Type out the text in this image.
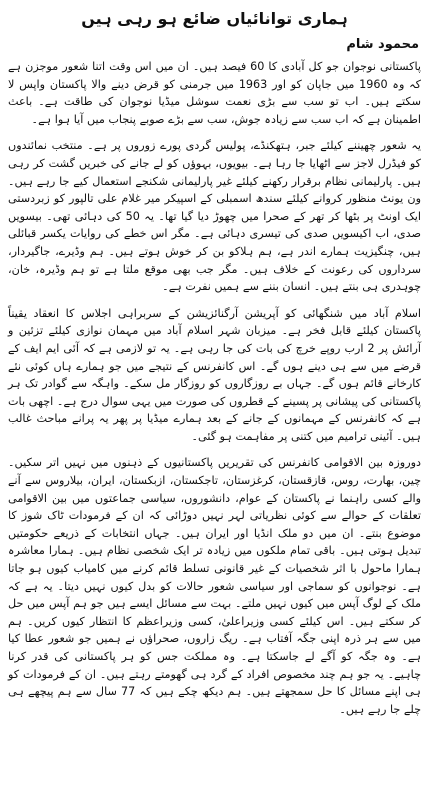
ہماری توانائیاں ضائع ہو رہی ہیں
محمود شام

پاکستانی نوجوان جو کل آبادی کا 60 فیصد ہیں۔ ان میں اس وقت اتنا شعور موجزن ہے کہ وہ 1960 میں جاپان کو اور 1963 میں جرمنی کو قرض دینے والا پاکستان واپس لا سکتے ہیں۔ اب تو سب سے بڑی نعمت سوشل میڈیا نوجوان کی طاقت ہے۔ باعث اطمینان ہے کہ اب سب سے زیادہ جوش، سب سے بڑے صوبے پنجاب میں آیا ہوا ہے۔

یہ شعور چھیننے کیلئے جبر، ہتھکنڈے، پولیس گردی پورے زوروں پر ہے۔ منتخب نمائندوں کو فیڈرل لاجز سے اٹھایا جا رہا ہے۔ بیویوں، بہوؤں کو لے جانے کی خبریں گشت کر رہی ہیں۔ پارلیمانی نظام برقرار رکھنے کیلئے غیر پارلیمانی شکنجے استعمال کیے جا رہے ہیں۔ ون یونٹ منظور کروانے کیلئے سندھ اسمبلی کے اسپیکر میر غلام علی تالپور کو زبردستی ایک اونٹ پر بٹھا کر تھر کے صحرا میں چھوڑ دیا گیا تھا۔ یہ 50 کی دہائی تھی۔ بیسویں صدی، اب اکیسویں صدی کی تیسری دہائی ہے۔ مگر اس خطے کی روایات یکسر قبائلی ہیں، چنگیزیت ہمارے اندر ہے، ہم ہلاکو بن کر خوش ہوتے ہیں۔ ہم وڈیرے، جاگیردار، سرداروں کی رعونت کے خلاف ہیں۔ مگر جب بھی موقع ملتا ہے تو ہم وڈیرہ، خان، چوہدری ہی بنتے ہیں۔ انسان بننے سے ہمیں نفرت ہے۔

اسلام آباد میں شنگھائی کو آپریشن آرگنائزیشن کے سربراہی اجلاس کا انعقاد یقیناً پاکستان کیلئے قابل فخر ہے۔ میزبان شہر اسلام آباد میں مہمان نوازی کیلئے تزئین و آرائش پر 2 ارب روپے خرچ کی بات کی جا رہی ہے۔ یہ تو لازمی ہے کہ آئی ایم ایف کے قرضے میں سے ہی دینے ہوں گے۔ اس کانفرنس کے نتیجے میں جو ہمارے ہاں کوئی نئے کارخانے قائم ہوں گے۔ جہاں بے روزگاروں کو روزگار مل سکے۔ واہگہ سے گوادر تک ہر پاکستانی کی پیشانی پر پسینے کے قطروں کی صورت میں یہی سوال درج ہے۔ اچھی بات ہے کہ کانفرنس کے مہمانوں کے جانے کے بعد ہمارے میڈیا پر پھر یہ پرانے مباحث غالب ہیں۔ آئینی ترامیم میں کتنی پر مفاہمت ہو گئی۔

دوروزہ بین الاقوامی کانفرنس کی تقریریں پاکستانیوں کے ذہنوں میں نہیں اتر سکیں۔ چین، بھارت، روس، قازقستان، کرغزستان، تاجکستان، ازبکستان، ایران، بیلاروس سے آنے والے کسی راہنما نے پاکستان کے عوام، دانشوروں، سیاسی جماعتوں میں بین الاقوامی تعلقات کے حوالے سے کوئی نظریاتی لہر نہیں دوڑائی کہ ان کے فرمودات ٹاک شوز کا موضوع بنتے۔ ان میں دو ملک انڈیا اور ایران ہیں۔ جہاں انتخابات کے ذریعے حکومتیں تبدیل ہوتی ہیں۔ باقی تمام ملکوں میں زیادہ تر ایک شخصی نظام ہیں۔ ہمارا معاشرہ ہمارا ماحول با اثر شخصیات کے غیر قانونی تسلط قائم کرنے میں کامیاب کیوں ہو جاتا ہے۔ نوجوانوں کو سماجی اور سیاسی شعور حالات کو بدل کیوں نہیں دیتا۔ یہ ہے کہ ملک کے لوگ آپس میں کیوں نہیں ملتے۔ بہت سے مسائل ایسے ہیں جو ہم آپس میں حل کر سکتے ہیں۔ اس کیلئے کسی وزیراعلیٰ، کسی وزیراعظم کا انتظار کیوں کریں۔ ہم میں سے ہر ذرہ اپنی جگہ آفتاب ہے۔ ریگ زاروں، صحراؤں نے ہمیں جو شعور عطا کیا ہے۔ وہ جگہ کو آگے لے جاسکتا ہے۔ وہ مملکت جس کو ہر پاکستانی کی قدر کرنا چاہیے۔ یہ جو ہم چند مخصوص افراد کے گرد ہی گھومتے رہتے ہیں۔ ان کے فرمودات کو ہی اپنے مسائل کا حل سمجھتے ہیں۔ ہم دیکھ چکے ہیں کہ 77 سال سے ہم پیچھے ہی چلے جا رہے ہیں۔
